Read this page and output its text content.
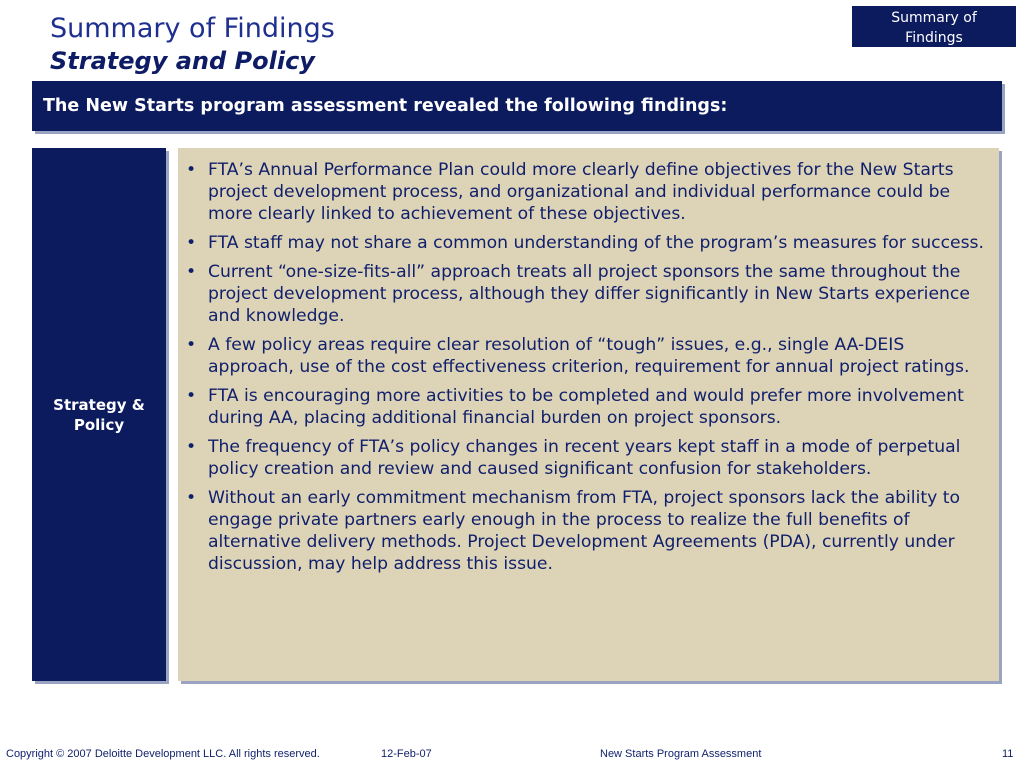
Summary of Findings
Strategy and Policy
Summary of
Findings
The New Starts program assessment revealed the following findings:
Strategy &
Policy
• FTA’s Annual Performance Plan could more clearly define objectives for the New Starts project development process, and organizational and individual performance could be more clearly linked to achievement of these objectives.
• FTA staff may not share a common understanding of the program’s measures for success.
• Current “one-size-fits-all” approach treats all project sponsors the same throughout the project development process, although they differ significantly in New Starts experience and knowledge.
• A few policy areas require clear resolution of “tough” issues, e.g., single AA-DEIS approach, use of the cost effectiveness criterion, requirement for annual project ratings.
• FTA is encouraging more activities to be completed and would prefer more involvement during AA, placing additional financial burden on project sponsors.
• The frequency of FTA’s policy changes in recent years kept staff in a mode of perpetual policy creation and review and caused significant confusion for stakeholders.
• Without an early commitment mechanism from FTA, project sponsors lack the ability to engage private partners early enough in the process to realize the full benefits of alternative delivery methods. Project Development Agreements (PDA), currently under discussion, may help address this issue.
Copyright © 2007 Deloitte Development LLC. All rights reserved.	12-Feb-07	New Starts Program Assessment	11
